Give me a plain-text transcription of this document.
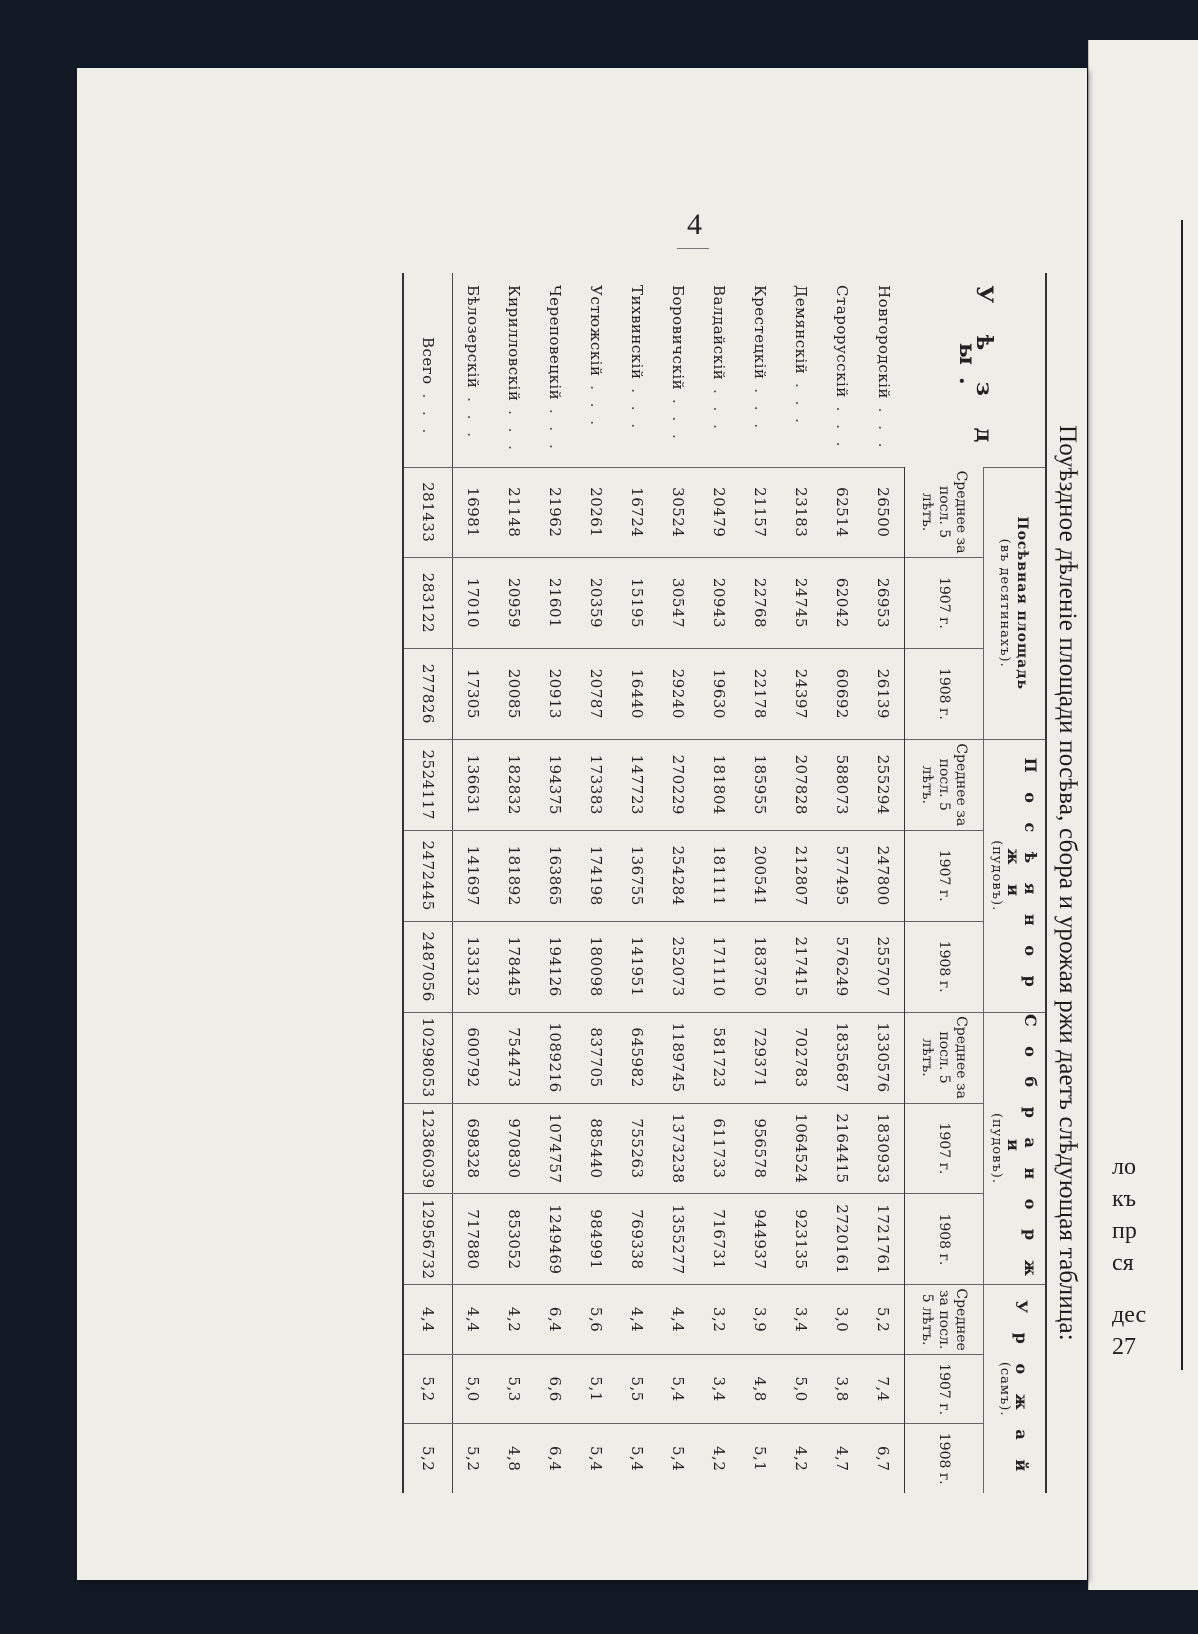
ло
къ
пр
ся
дес
27
4
Поуѣздное дѣленіе площади посѣва, сбора и урожая ржи даетъ слѣдующая таблица:
У ѣ з д ы.	Посѣвная площадь
(въ десятинахъ).			П о с ѣ я н о р ж и
(пудовъ).			С о б р а н о р ж и
(пудовъ).			У р о ж а й
(самъ).		

	Среднее за посл. 5 лѣтъ.	1907 г.	1908 г.	Среднее за посл. 5 лѣтъ.	1907 г.	1908 г.	Среднее за посл. 5 лѣтъ.	1907 г.	1908 г.	Среднее за посл. 5 лѣтъ.	1907 г.	1908 г.
Новгородскій . . .	26500	26953	26139	255294	247800	255707	1330576	1830933	1721761	5,2	7,4	6,7
Старорусскій . . .	62514	62042	60692	588073	577495	576249	1835687	2164415	2720161	3,0	3,8	4,7
Демянскій . . .	23183	24745	24397	207828	212807	217415	702783	1064524	923135	3,4	5,0	4,2
Крестецкій . . .	21157	22768	22178	185955	200541	183750	729371	956578	944937	3,9	4,8	5,1
Валдайскій . . .	20479	20943	19630	181804	181111	171110	581723	611733	716731	3,2	3,4	4,2
Боровичскій . . .	30524	30547	29240	270229	254284	252073	1189745	1373238	1355277	4,4	5,4	5,4
Тихвинскій . . .	16724	15195	16440	147723	136755	141951	645982	755263	769338	4,4	5,5	5,4
Устюжскій . . .	20261	20359	20787	173383	174198	180098	837705	885440	984991	5,6	5,1	5,4
Череповецкій . . .	21962	21601	20913	194375	163865	194126	1089216	1074757	1249469	6,4	6,6	6,4
Кирилловскій . . .	21148	20959	20085	182832	181892	178445	754473	970830	853052	4,2	5,3	4,8
Бѣлозерскій . . .	16981	17010	17305	136631	141697	133132	600792	698328	717880	4,4	5,0	5,2
Всего . . .	281433	283122	277826	2524117	2472445	2487056	10298053	12386039	12956732	4,4	5,2	5,2
